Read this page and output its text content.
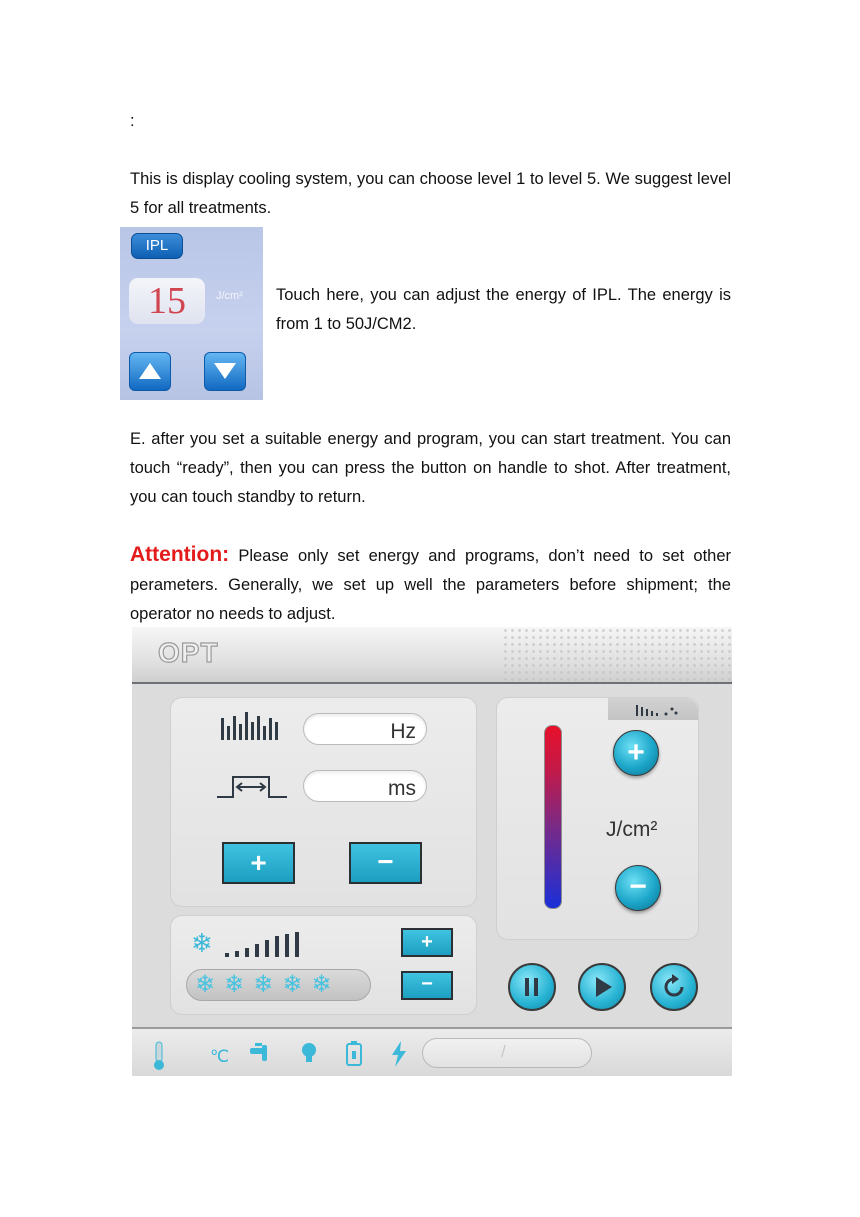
:

This is display cooling system, you can choose level 1 to level 5. We suggest level 5 for all treatments.

IPL
15	J/cm² Touch here, you can adjust the energy of IPL. The energy is from 1 to 50J/CM2.

E. after you set a suitable energy and program, you can start treatment. You can touch “ready”, then you can press the button on handle to shot. After treatment, you can touch standby to return.

Attention: Please only set energy and programs, don’t need to set other perameters. Generally, we set up well the parameters before shipment; the operator no needs to adjust.

OPT
Hz
ms
+	−
❄
❄❄❄❄❄
+
−
+
J/cm²
−
℃	/
